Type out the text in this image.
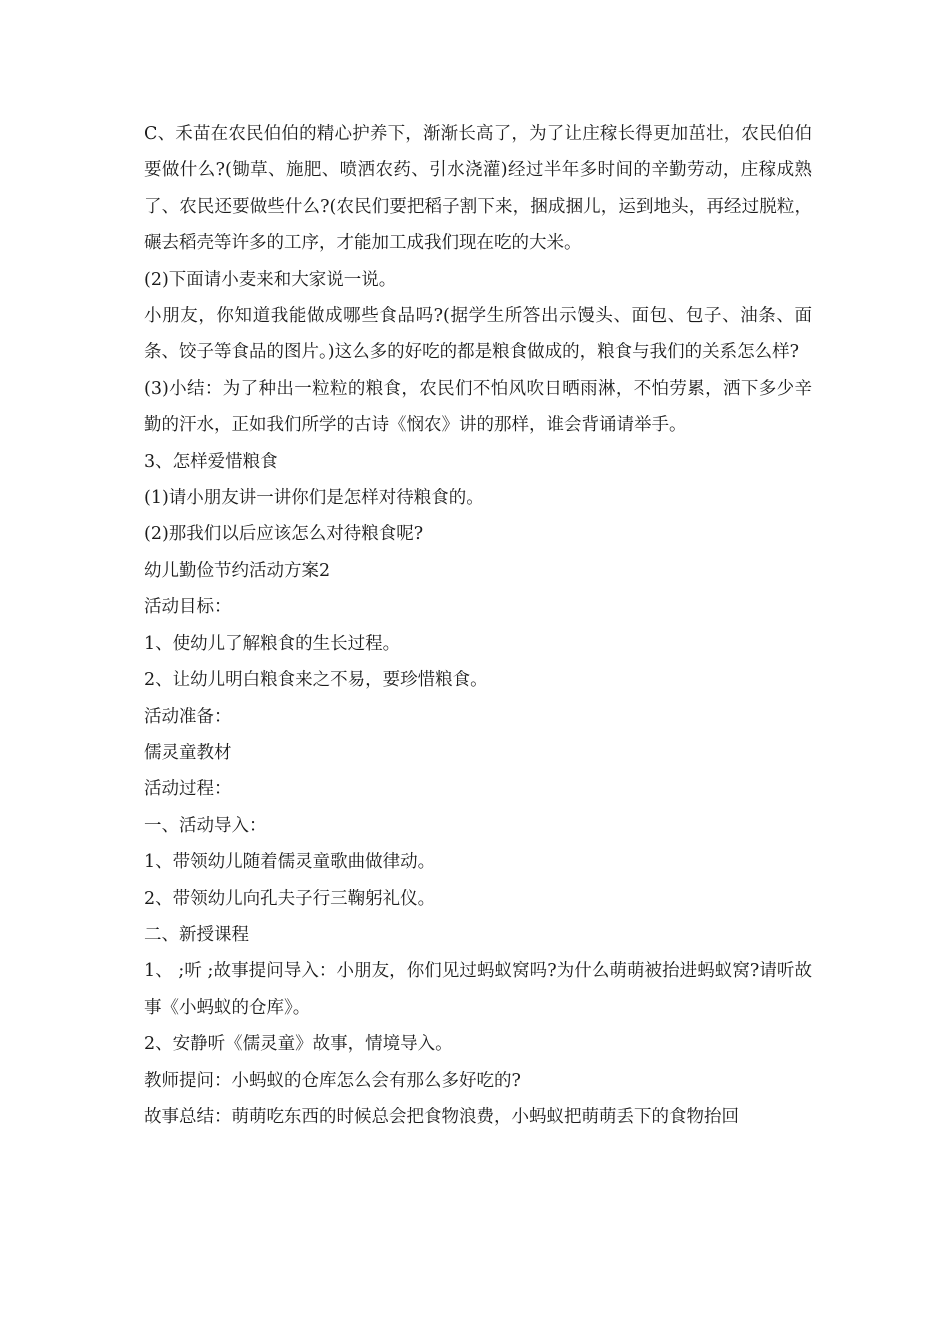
C、禾苗在农民伯伯的精心护养下，渐渐长高了，为了让庄稼长得更加茁壮，农民伯伯要做什么?(锄草、施肥、喷洒农药、引水浇灌)经过半年多时间的辛勤劳动，庄稼成熟了、农民还要做些什么?(农民们要把稻子割下来，捆成捆儿，运到地头，再经过脱粒，碾去稻壳等许多的工序，才能加工成我们现在吃的大米。

(2)下面请小麦来和大家说一说。

小朋友，你知道我能做成哪些食品吗?(据学生所答出示馒头、面包、包子、油条、面条、饺子等食品的图片。)这么多的好吃的都是粮食做成的，粮食与我们的关系怎么样?

(3)小结：为了种出一粒粒的粮食，农民们不怕风吹日晒雨淋，不怕劳累，洒下多少辛勤的汗水，正如我们所学的古诗《悯农》讲的那样，谁会背诵请举手。

3、怎样爱惜粮食

(1)请小朋友讲一讲你们是怎样对待粮食的。

(2)那我们以后应该怎么对待粮食呢?

幼儿勤俭节约活动方案2

活动目标：

1、使幼儿了解粮食的生长过程。

2、让幼儿明白粮食来之不易，要珍惜粮食。

活动准备：

儒灵童教材

活动过程：

一、活动导入：

1、带领幼儿随着儒灵童歌曲做律动。

2、带领幼儿向孔夫子行三鞠躬礼仪。

二、新授课程

1、 ;听 ;故事提问导入：小朋友，你们见过蚂蚁窝吗?为什么萌萌被抬进蚂蚁窝?请听故事《小蚂蚁的仓库》。

2、安静听《儒灵童》故事，情境导入。

教师提问：小蚂蚁的仓库怎么会有那么多好吃的?

故事总结：萌萌吃东西的时候总会把食物浪费，小蚂蚁把萌萌丢下的食物抬回
